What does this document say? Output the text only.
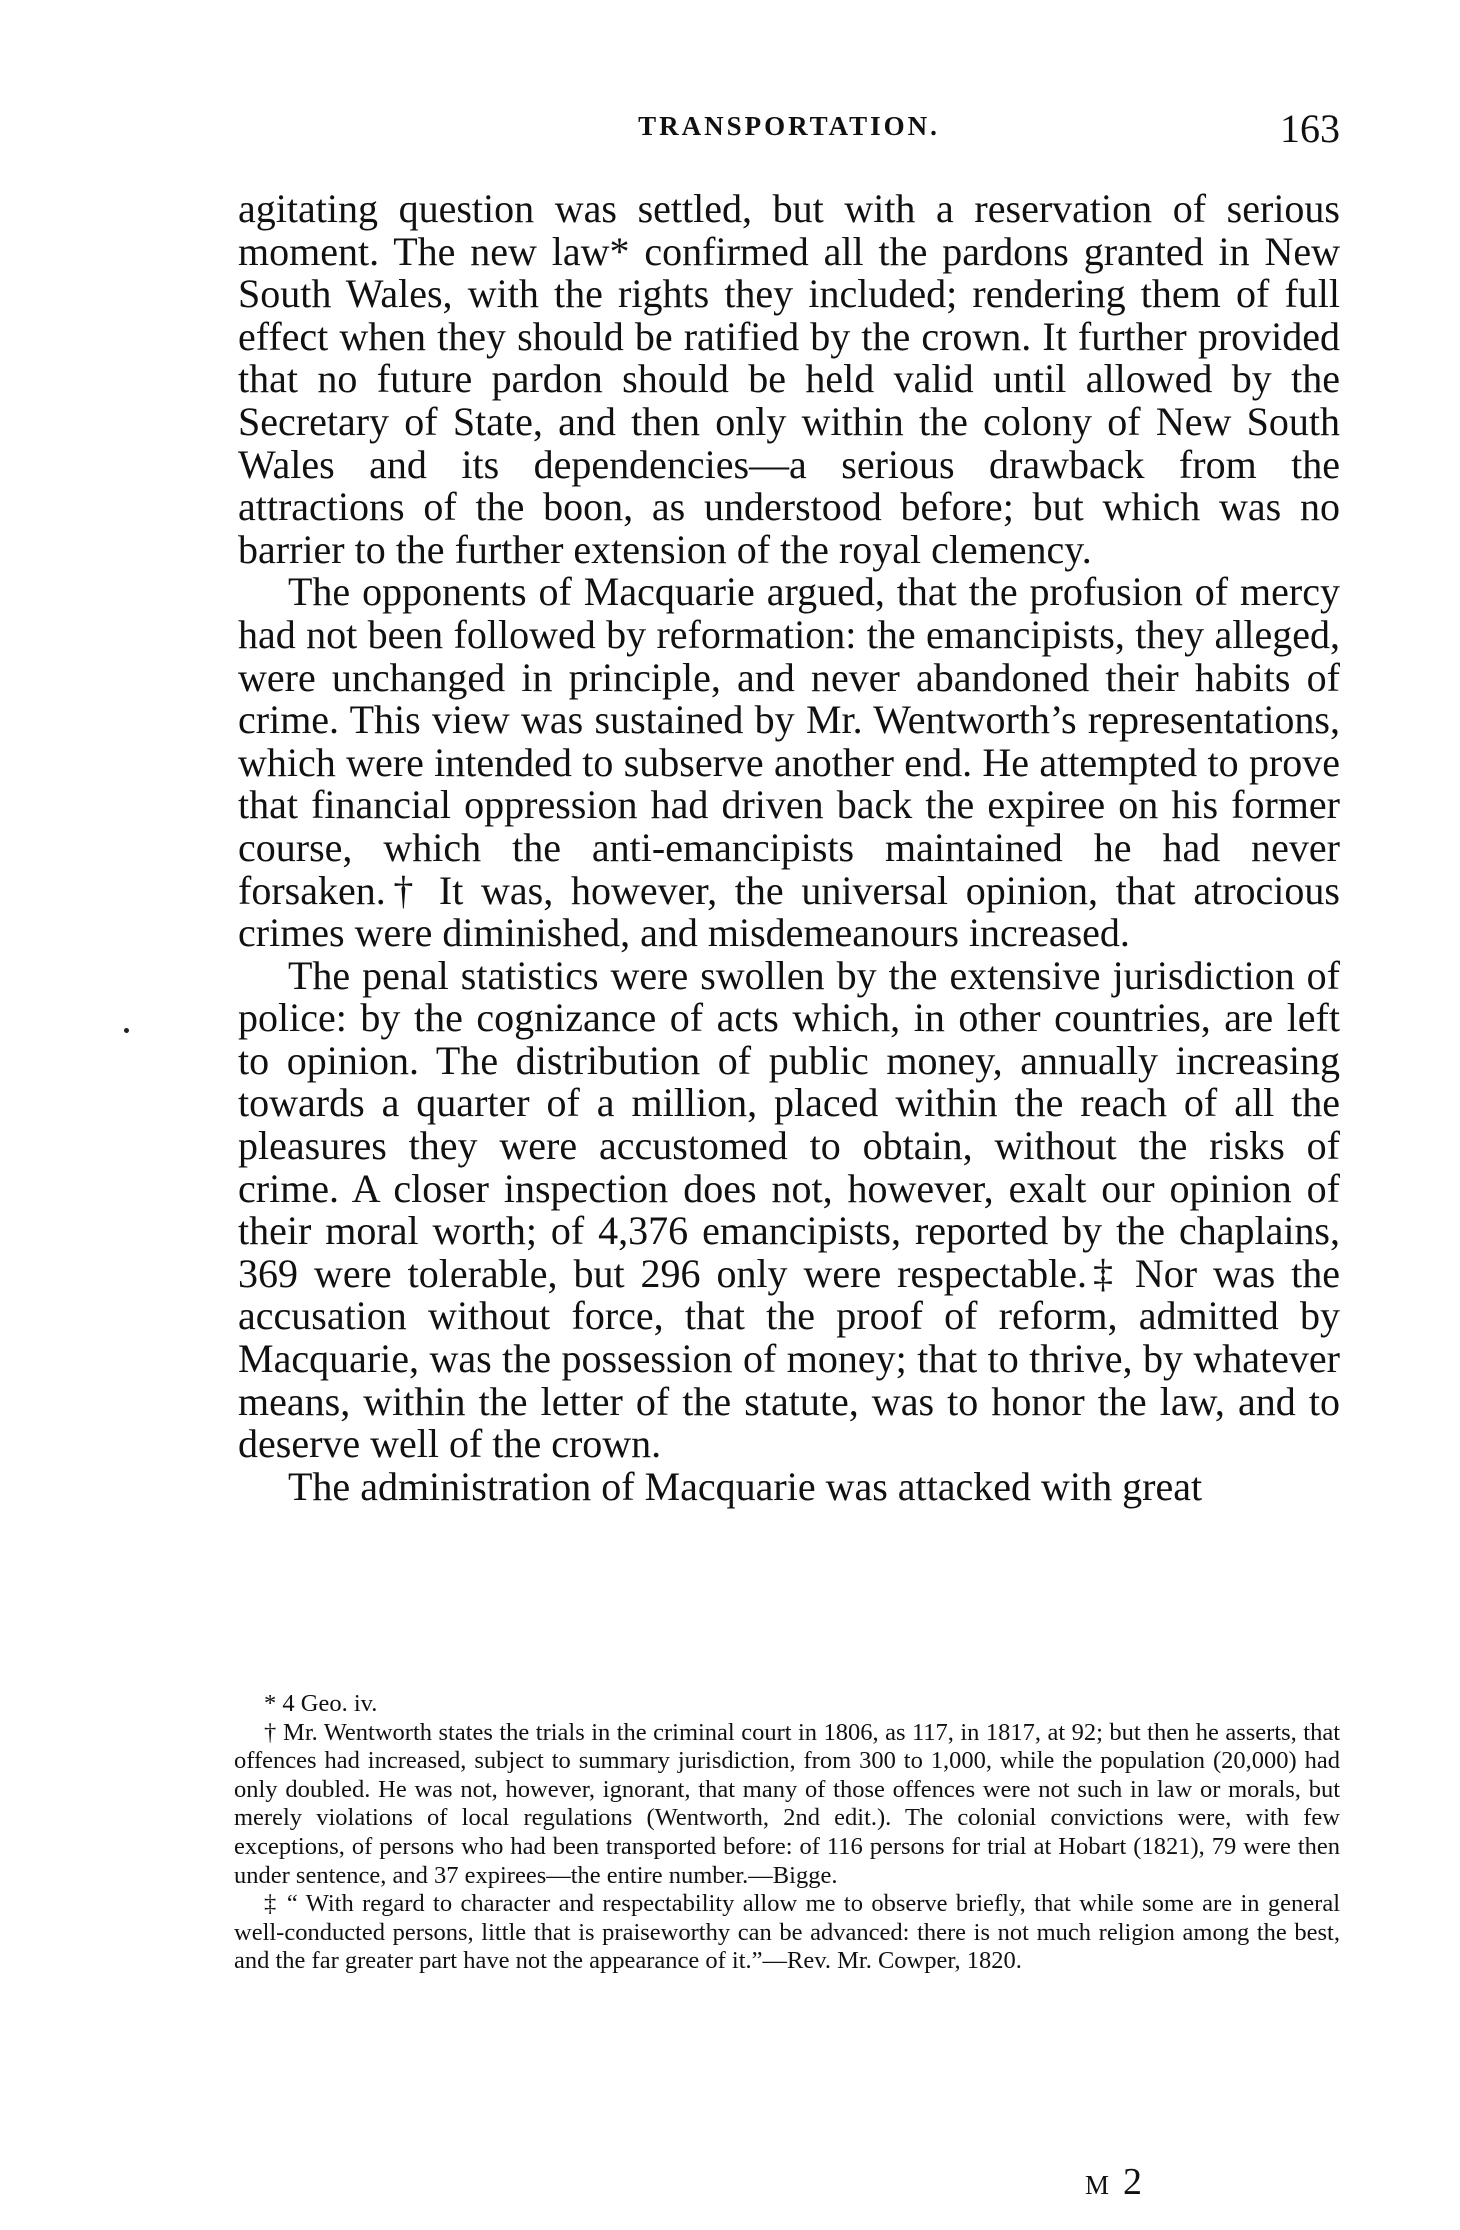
TRANSPORTATION.	163

agitating question was settled, but with a reservation of serious moment. The new law* confirmed all the pardons granted in New South Wales, with the rights they included; rendering them of full effect when they should be ratified by the crown. It further provided that no future pardon should be held valid until allowed by the Secretary of State, and then only within the colony of New South Wales and its dependencies—a serious drawback from the attractions of the boon, as understood before; but which was no barrier to the further extension of the royal clemency.

The opponents of Macquarie argued, that the profusion of mercy had not been followed by reformation: the emancipists, they alleged, were unchanged in principle, and never abandoned their habits of crime. This view was sustained by Mr. Wentworth’s representations, which were intended to subserve another end. He attempted to prove that financial oppression had driven back the expiree on his former course, which the anti-emancipists maintained he had never forsaken.† It was, however, the universal opinion, that atrocious crimes were diminished, and misdemeanours increased.

The penal statistics were swollen by the extensive jurisdiction of police: by the cognizance of acts which, in other countries, are left to opinion. The distribution of public money, annually increasing towards a quarter of a million, placed within the reach of all the pleasures they were accustomed to obtain, without the risks of crime. A closer inspection does not, however, exalt our opinion of their moral worth; of 4,376 emancipists, reported by the chaplains, 369 were tolerable, but 296 only were respectable.‡ Nor was the accusation without force, that the proof of reform, admitted by Macquarie, was the possession of money; that to thrive, by whatever means, within the letter of the statute, was to honor the law, and to deserve well of the crown.

The administration of Macquarie was attacked with great

* 4 Geo. iv.

† Mr. Wentworth states the trials in the criminal court in 1806, as 117, in 1817, at 92; but then he asserts, that offences had increased, subject to summary jurisdiction, from 300 to 1,000, while the population (20,000) had only doubled. He was not, however, ignorant, that many of those offences were not such in law or morals, but merely violations of local regulations (Wentworth, 2nd edit.). The colonial convictions were, with few exceptions, of persons who had been transported before: of 116 persons for trial at Hobart (1821), 79 were then under sentence, and 37 expirees—the entire number.—Bigge.

‡ “ With regard to character and respectability allow me to observe briefly, that while some are in general well-conducted persons, little that is praiseworthy can be advanced: there is not much religion among the best, and the far greater part have not the appearance of it.”—Rev. Mr. Cowper, 1820.

M 2
